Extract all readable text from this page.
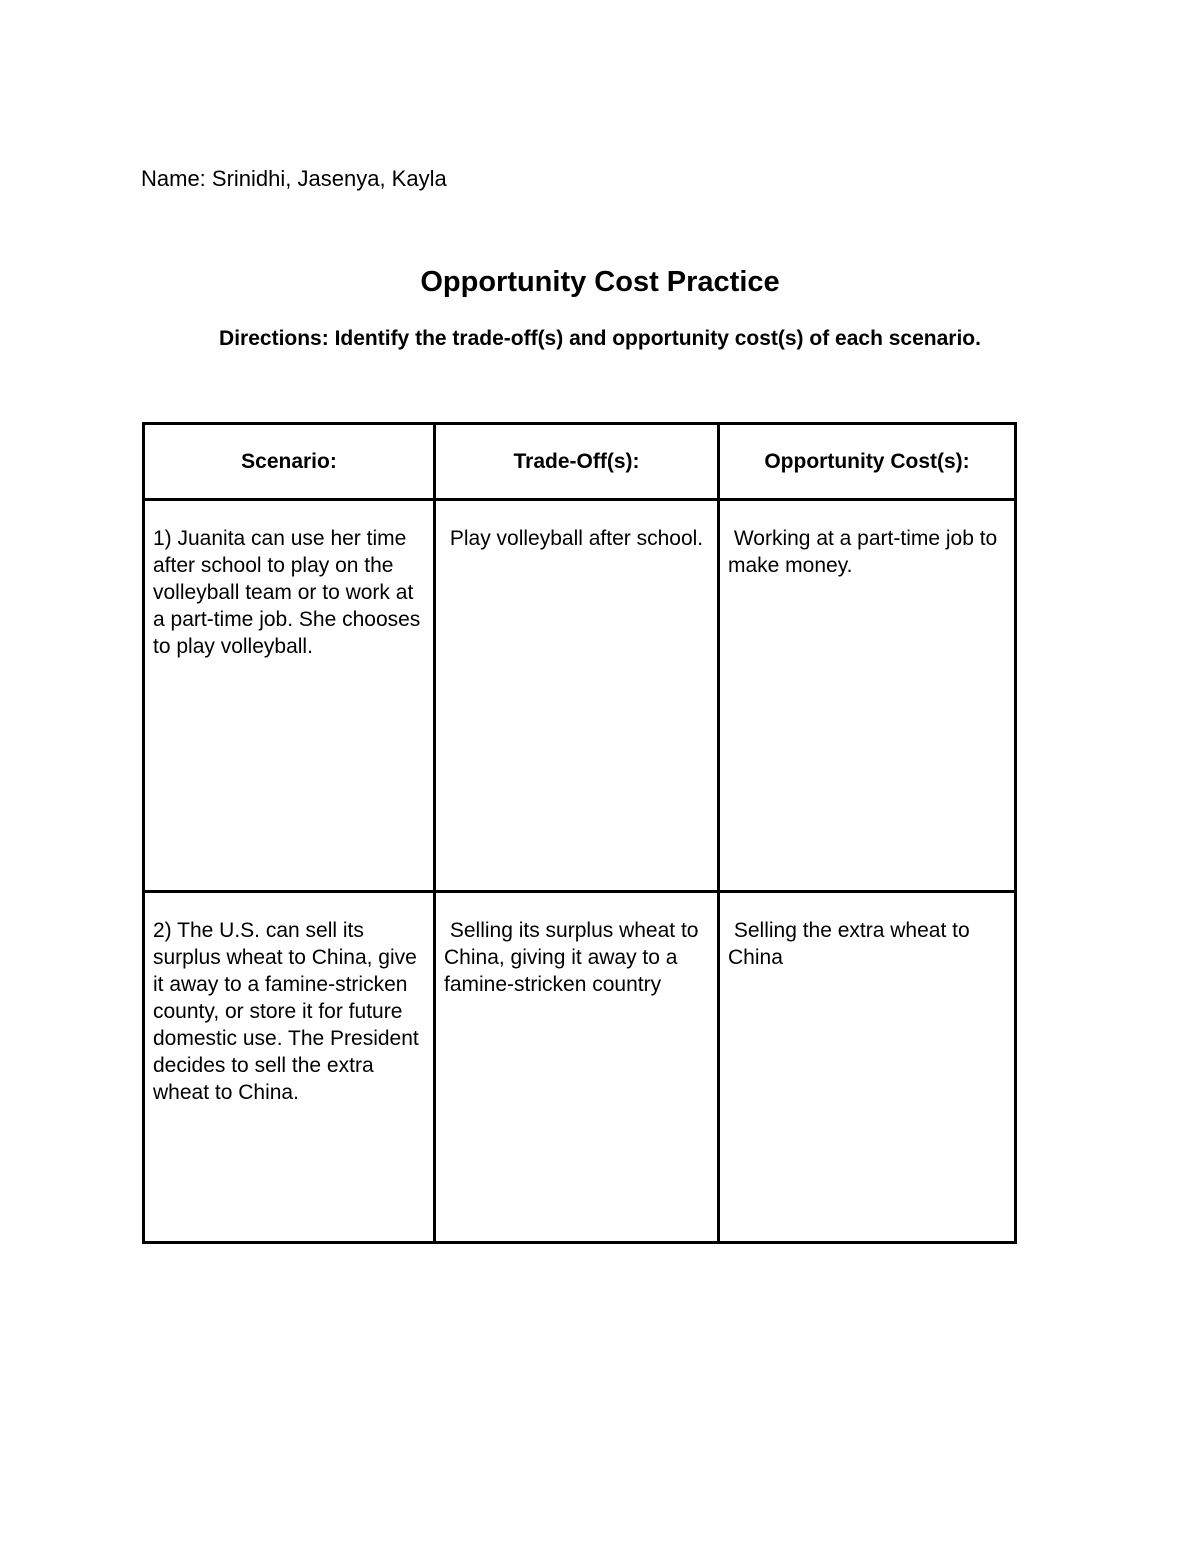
Name: Srinidhi, Jasenya, Kayla
Opportunity Cost Practice
Directions: Identify the trade-off(s) and opportunity cost(s) of each scenario.
Scenario:	Trade-Off(s):	Opportunity Cost(s):

1) Juanita can use her time after school to play on the volleyball team or to work at a part-time job. She chooses to play volleyball.	Play volleyball after school.	Working at a part-time job to make money.

2) The U.S. can sell its surplus wheat to China, give it away to a famine-stricken county, or store it for future domestic use. The President decides to sell the extra wheat to China.	Selling its surplus wheat to China, giving it away to a famine-stricken country	Selling the extra wheat to China
